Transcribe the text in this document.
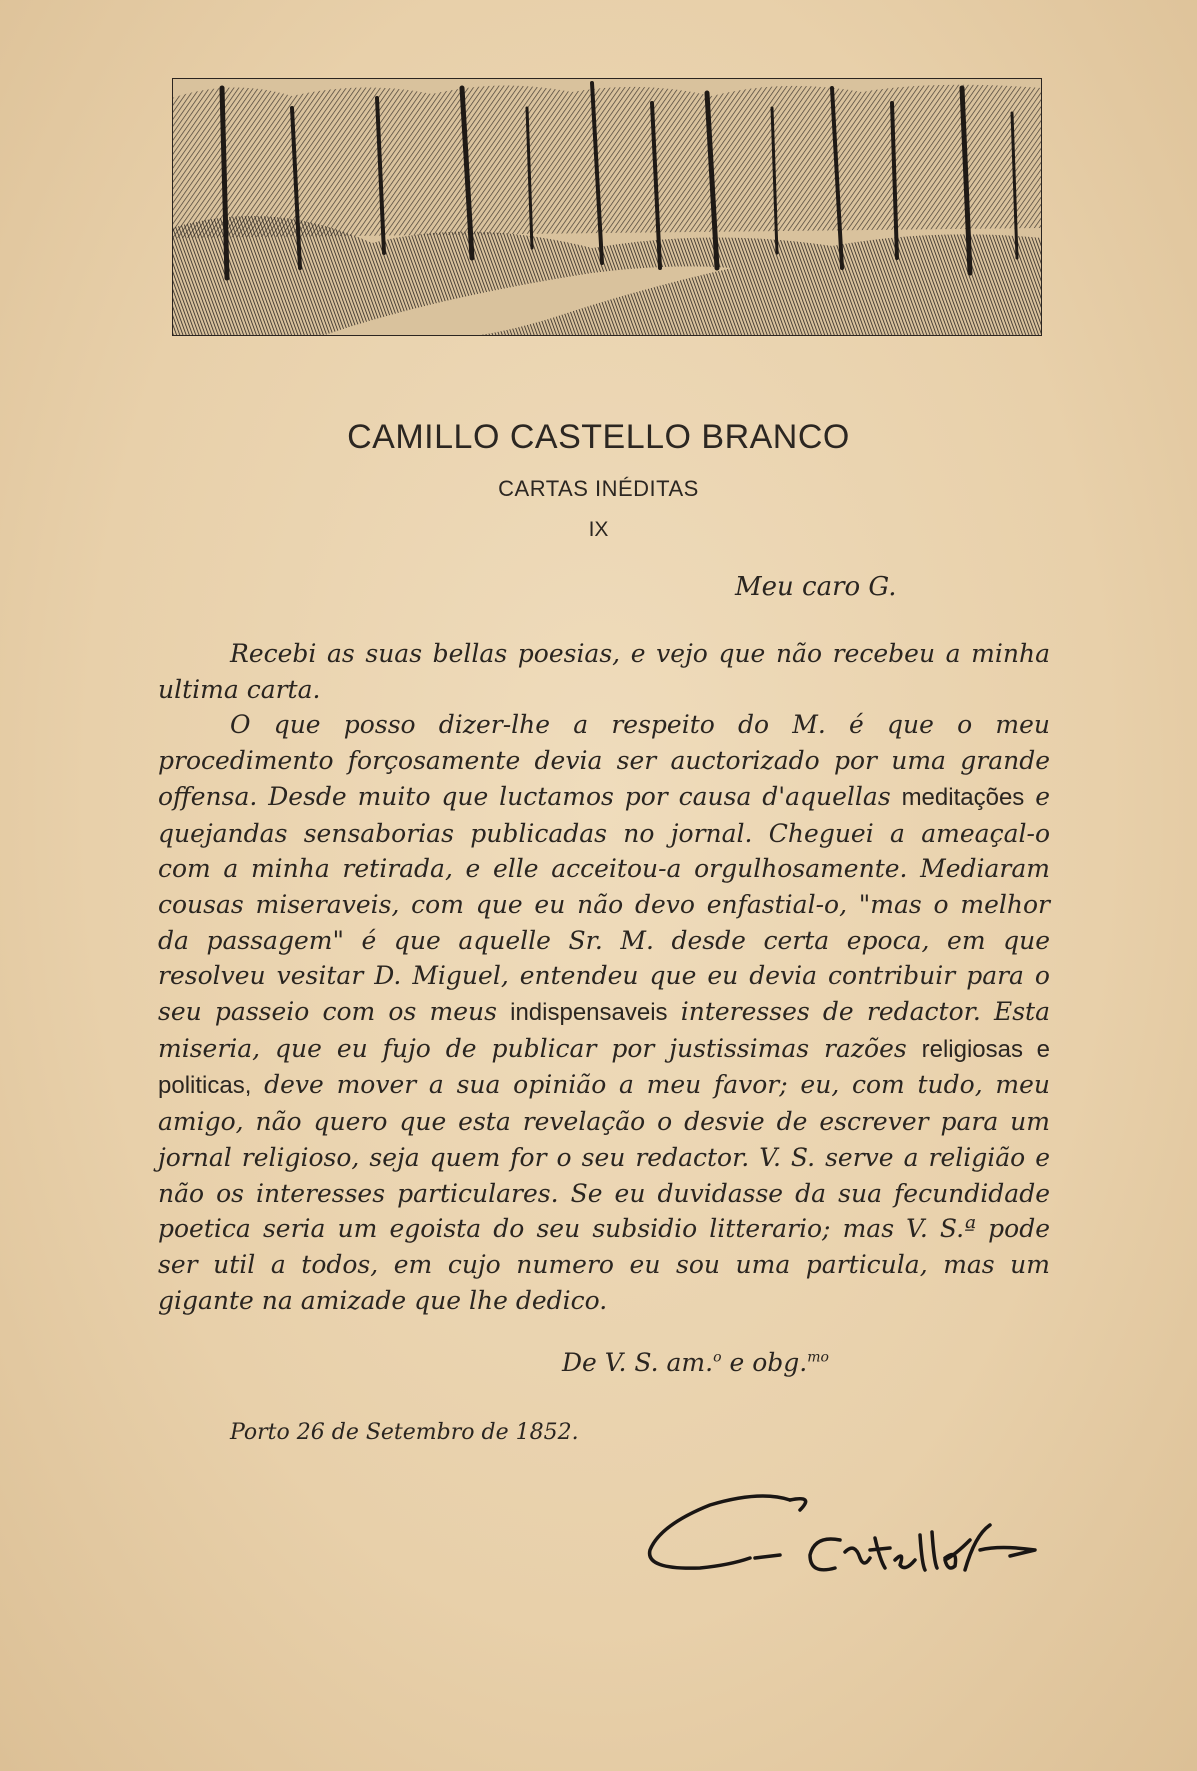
CAMILLO CASTELLO BRANCO
CARTAS INÉDITAS
IX
Meu caro G.

Recebi as suas bellas poesias, e vejo que não recebeu a minha ultima carta.

O que posso dizer-lhe a respeito do M. é que o meu procedimento forçosamente devia ser auctorizado por uma grande offensa. Desde muito que luctamos por causa d'aquellas meditações e quejandas sensaborias publicadas no jornal. Cheguei a ameaçal-o com a minha retirada, e elle acceitou-a orgulhosamente. Mediaram cousas miseraveis, com que eu não devo enfastial-o, "mas o melhor da passagem" é que aquelle Sr. M. desde certa epoca, em que resolveu vesitar D. Miguel, entendeu que eu devia contribuir para o seu passeio com os meus indispensaveis interesses de redactor. Esta miseria, que eu fujo de publicar por justissimas razões religiosas e politicas, deve mover a sua opinião a meu favor; eu, com tudo, meu amigo, não quero que esta revelação o desvie de escrever para um jornal religioso, seja quem for o seu redactor. V. S. serve a religião e não os interesses particulares. Se eu duvidasse da sua fecundidade poetica seria um egoista do seu subsidio litterario; mas V. S.ª pode ser util a todos, em cujo numero eu sou uma particula, mas um gigante na amizade que lhe dedico.

De V. S. am.$^o$ e obg.$^{mo}$
Porto 26 de Setembro de 1852.
